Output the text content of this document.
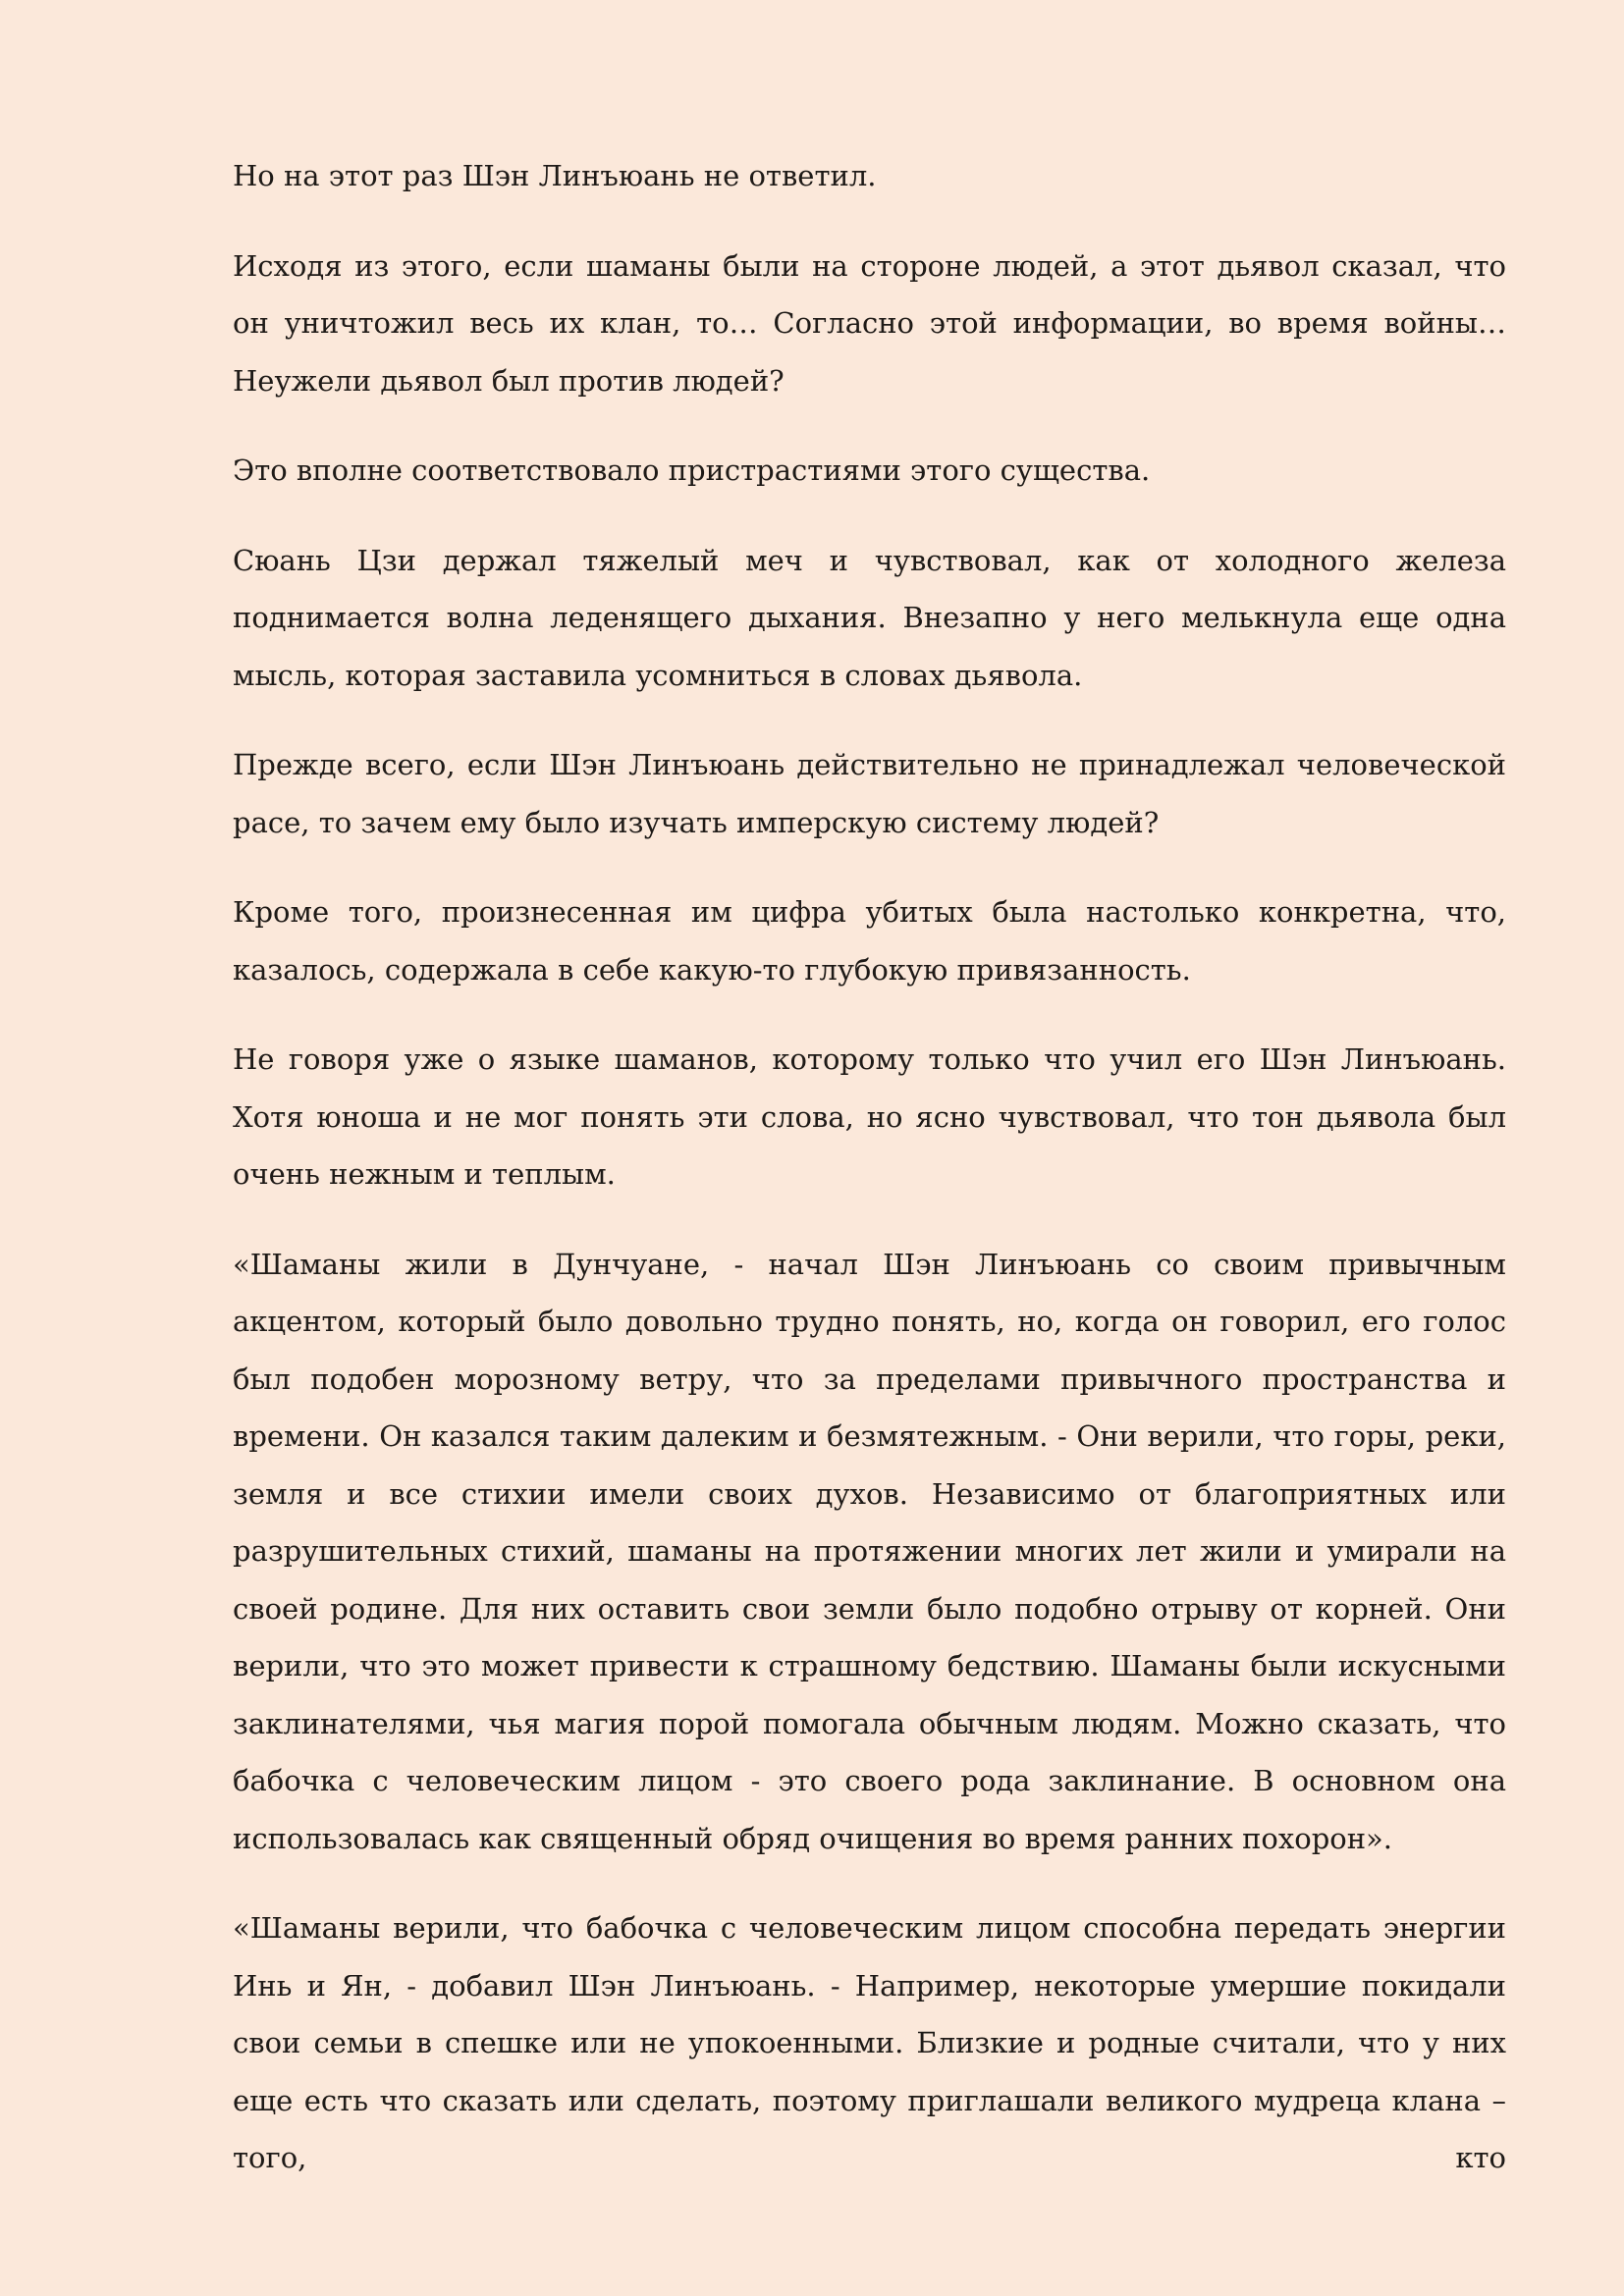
Но на этот раз Шэн Линъюань не ответил.

Исходя из этого, если шаманы были на стороне людей, а этот дьявол сказал, что он уничтожил весь их клан, то… Согласно этой информации, во время войны… Неужели дьявол был против людей?

Это вполне соответствовало пристрастиями этого существа.

Сюань Цзи держал тяжелый меч и чувствовал, как от холодного железа поднимается волна леденящего дыхания. Внезапно у него мелькнула еще одна мысль, которая заставила усомниться в словах дьявола.

Прежде всего, если Шэн Линъюань действительно не принадлежал человеческой расе, то зачем ему было изучать имперскую систему людей?

Кроме того, произнесенная им цифра убитых была настолько конкретна, что, казалось, содержала в себе какую-то глубокую привязанность.

Не говоря уже о языке шаманов, которому только что учил его Шэн Линъюань. Хотя юноша и не мог понять эти слова, но ясно чувствовал, что тон дьявола был очень нежным и теплым.

«Шаманы жили в Дунчуане, - начал Шэн Линъюань со своим привычным акцентом, который было довольно трудно понять, но, когда он говорил, его голос был подобен морозному ветру, что за пределами привычного пространства и времени. Он казался таким далеким и безмятежным. - Они верили, что горы, реки, земля и все стихии имели своих духов. Независимо от благоприятных или разрушительных стихий, шаманы на протяжении многих лет жили и умирали на своей родине. Для них оставить свои земли было подобно отрыву от корней. Они верили, что это может привести к страшному бедствию. Шаманы были искусными заклинателями, чья магия порой помогала обычным людям. Можно сказать, что бабочка с человеческим лицом - это своего рода заклинание. В основном она использовалась как священный обряд очищения во время ранних похорон».

«Шаманы верили, что бабочка с человеческим лицом способна передать энергии Инь и Ян, - добавил Шэн Линъюань. - Например, некоторые умершие покидали свои семьи в спешке или не упокоенными. Близкие и родные считали, что у них еще есть что сказать или сделать, поэтому приглашали великого мудреца клана – того, кто
